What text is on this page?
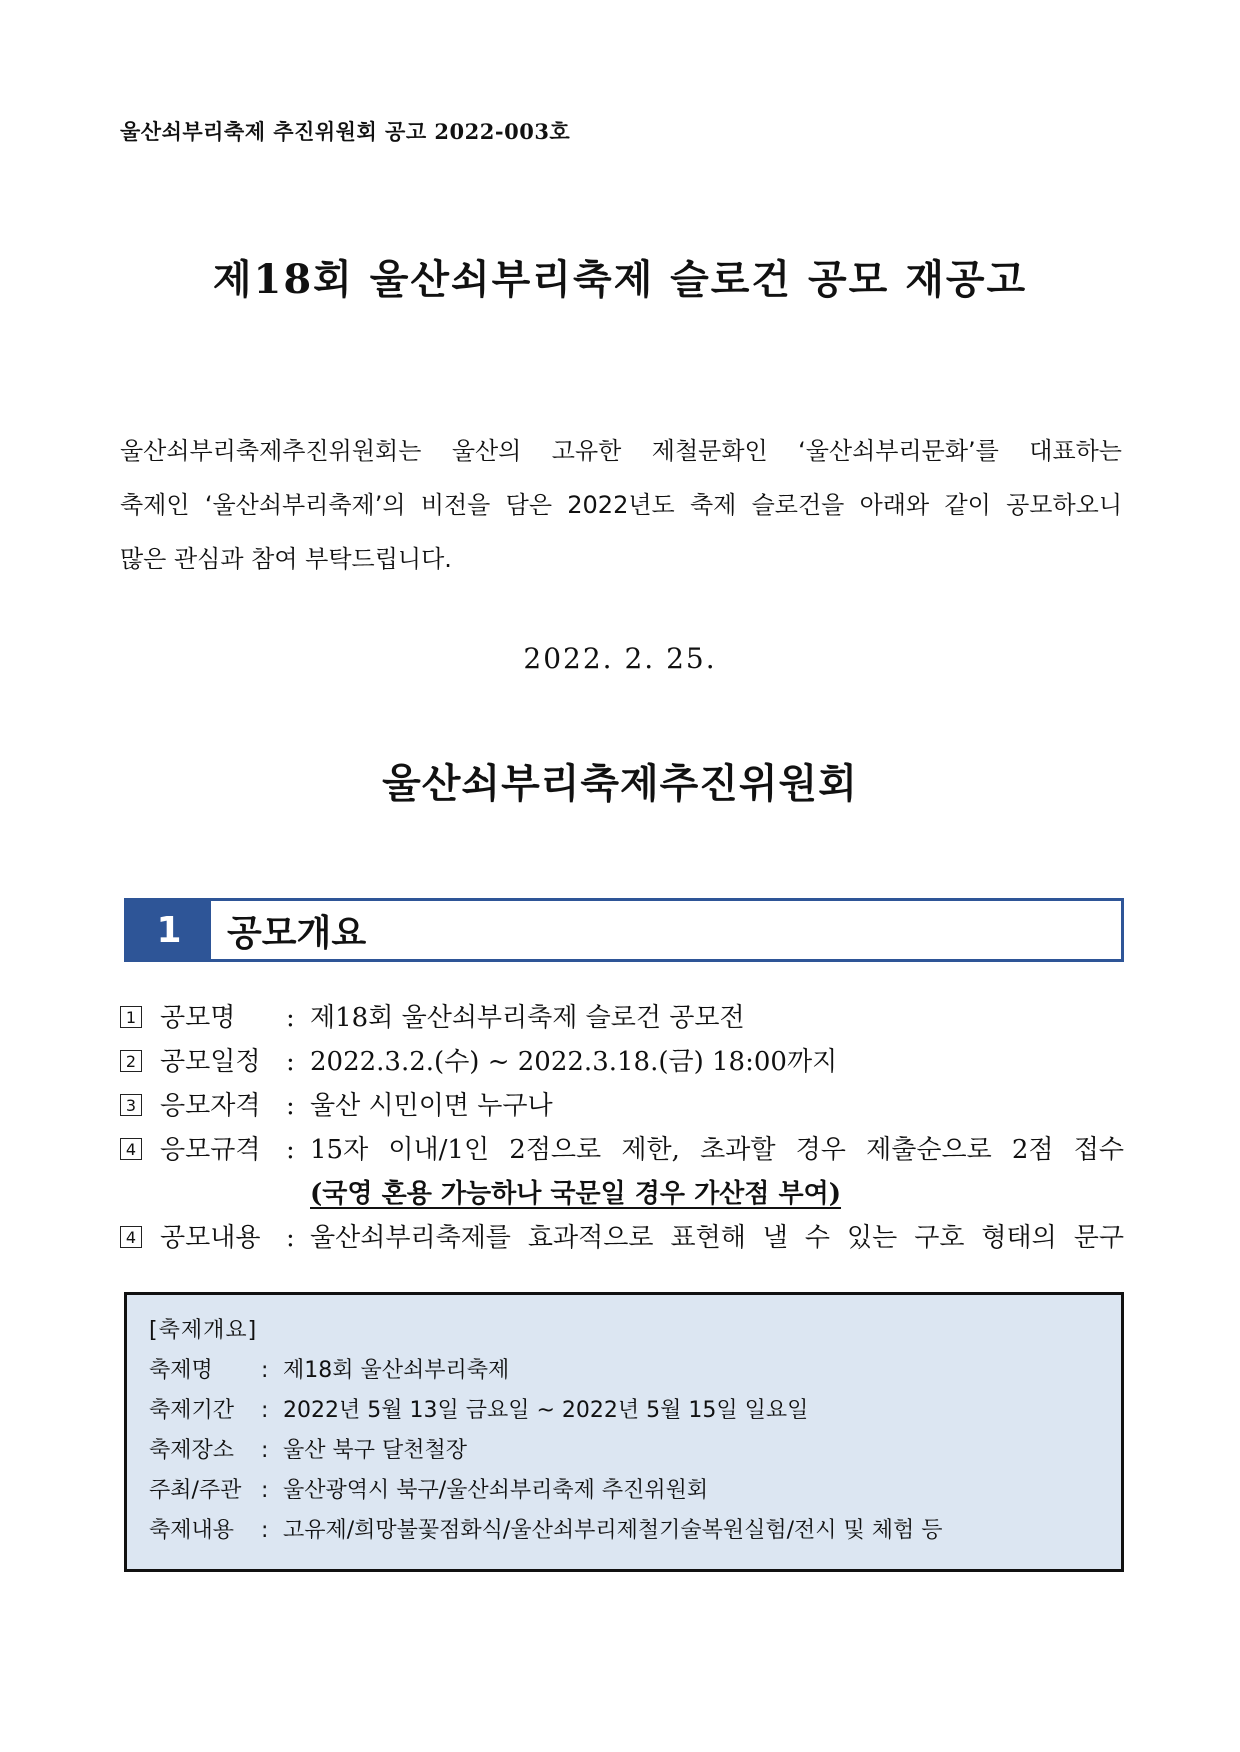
울산쇠부리축제 추진위원회 공고 2022-003호
제18회 울산쇠부리축제 슬로건 공모 재공고
울산쇠부리축제추진위원회는 울산의 고유한 제철문화인 ‘울산쇠부리문화’를 대표하는
축제인 ‘울산쇠부리축제’의 비전을 담은 2022년도 축제 슬로건을 아래와 같이 공모하오니
많은 관심과 참여 부탁드립니다.
2022. 2. 25.
울산쇠부리축제추진위원회
1	공모개요
1 공모명	: 제18회 울산쇠부리축제 슬로건 공모전
2 공모일정 : 2022.3.2.(수) ~ 2022.3.18.(금) 18:00까지
3 응모자격 : 울산 시민이면 누구나
4 응모규격 : 15자 이내/1인 2점으로 제한, 초과할 경우 제출순으로 2점 접수
(국영 혼용 가능하나 국문일 경우 가산점 부여)
4 공모내용 : 울산쇠부리축제를 효과적으로 표현해 낼 수 있는 구호 형태의 문구
[축제개요]
축제명	: 제18회 울산쇠부리축제
축제기간	: 2022년 5월 13일 금요일 ~ 2022년 5월 15일 일요일
축제장소	: 울산 북구 달천철장
주최/주관 : 울산광역시 북구/울산쇠부리축제 추진위원회
축제내용	: 고유제/희망불꽃점화식/울산쇠부리제철기술복원실험/전시 및 체험 등
